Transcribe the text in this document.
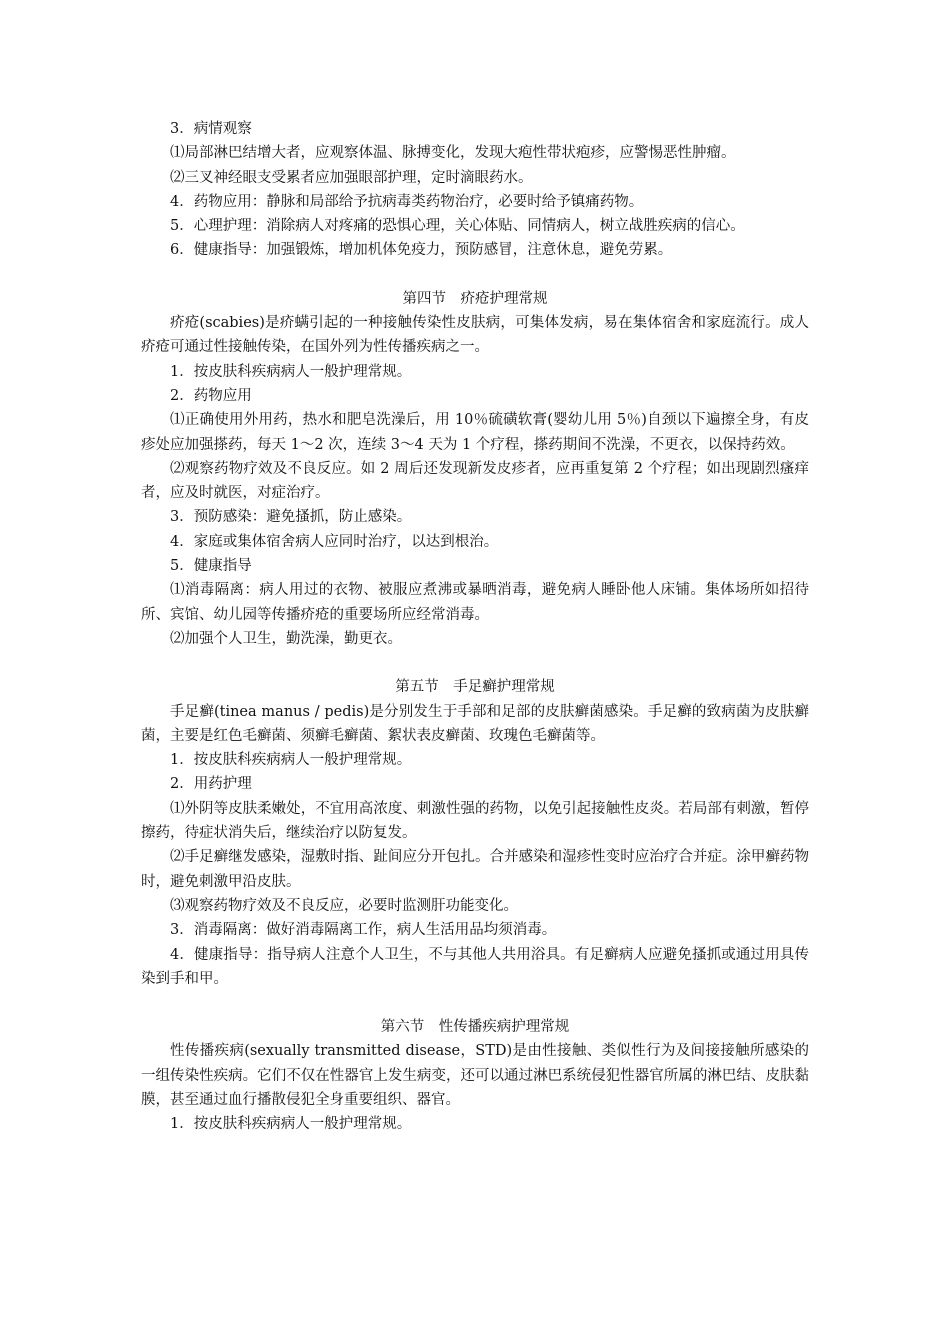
3．病情观察

⑴局部淋巴结增大者，应观察体温、脉搏变化，发现大疱性带状疱疹，应警惕恶性肿瘤。

⑵三叉神经眼支受累者应加强眼部护理，定时滴眼药水。

4．药物应用：静脉和局部给予抗病毒类药物治疗，必要时给予镇痛药物。

5．心理护理：消除病人对疼痛的恐惧心理，关心体贴、同情病人，树立战胜疾病的信心。

6．健康指导：加强锻炼，增加机体免疫力，预防感冒，注意休息，避免劳累。

第四节　疥疮护理常规

疥疮(scabies)是疥螨引起的一种接触传染性皮肤病，可集体发病，易在集体宿舍和家庭流行。成人疥疮可通过性接触传染，在国外列为性传播疾病之一。

1．按皮肤科疾病病人一般护理常规。

2．药物应用

⑴正确使用外用药，热水和肥皂洗澡后，用 10％硫磺软膏(婴幼儿用 5％)自颈以下遍擦全身，有皮疹处应加强搽药，每天 1～2 次，连续 3～4 天为 1 个疗程，搽药期间不洗澡，不更衣，以保持药效。

⑵观察药物疗效及不良反应。如 2 周后还发现新发皮疹者，应再重复第 2 个疗程；如出现剧烈瘙痒者，应及时就医，对症治疗。

3．预防感染：避免搔抓，防止感染。

4．家庭或集体宿舍病人应同时治疗，以达到根治。

5．健康指导

⑴消毒隔离：病人用过的衣物、被服应煮沸或暴晒消毒，避免病人睡卧他人床铺。集体场所如招待所、宾馆、幼儿园等传播疥疮的重要场所应经常消毒。

⑵加强个人卫生，勤洗澡，勤更衣。

第五节　手足癣护理常规

手足癣(tinea manus / pedis)是分别发生于手部和足部的皮肤癣菌感染。手足癣的致病菌为皮肤癣菌，主要是红色毛癣菌、须癣毛癣菌、絮状表皮癣菌、玫瑰色毛癣菌等。

1．按皮肤科疾病病人一般护理常规。

2．用药护理

⑴外阴等皮肤柔嫩处，不宜用高浓度、刺激性强的药物，以免引起接触性皮炎。若局部有刺激，暂停擦药，待症状消失后，继续治疗以防复发。

⑵手足癣继发感染，湿敷时指、趾间应分开包扎。合并感染和湿疹性变时应治疗合并症。涂甲癣药物时，避免刺激甲沿皮肤。

⑶观察药物疗效及不良反应，必要时监测肝功能变化。

3．消毒隔离：做好消毒隔离工作，病人生活用品均须消毒。

4．健康指导：指导病人注意个人卫生，不与其他人共用浴具。有足癣病人应避免搔抓或通过用具传染到手和甲。

第六节　性传播疾病护理常规

性传播疾病(sexually transmitted disease，STD)是由性接触、类似性行为及间接接触所感染的一组传染性疾病。它们不仅在性器官上发生病变，还可以通过淋巴系统侵犯性器官所属的淋巴结、皮肤黏膜，甚至通过血行播散侵犯全身重要组织、器官。

1．按皮肤科疾病病人一般护理常规。
